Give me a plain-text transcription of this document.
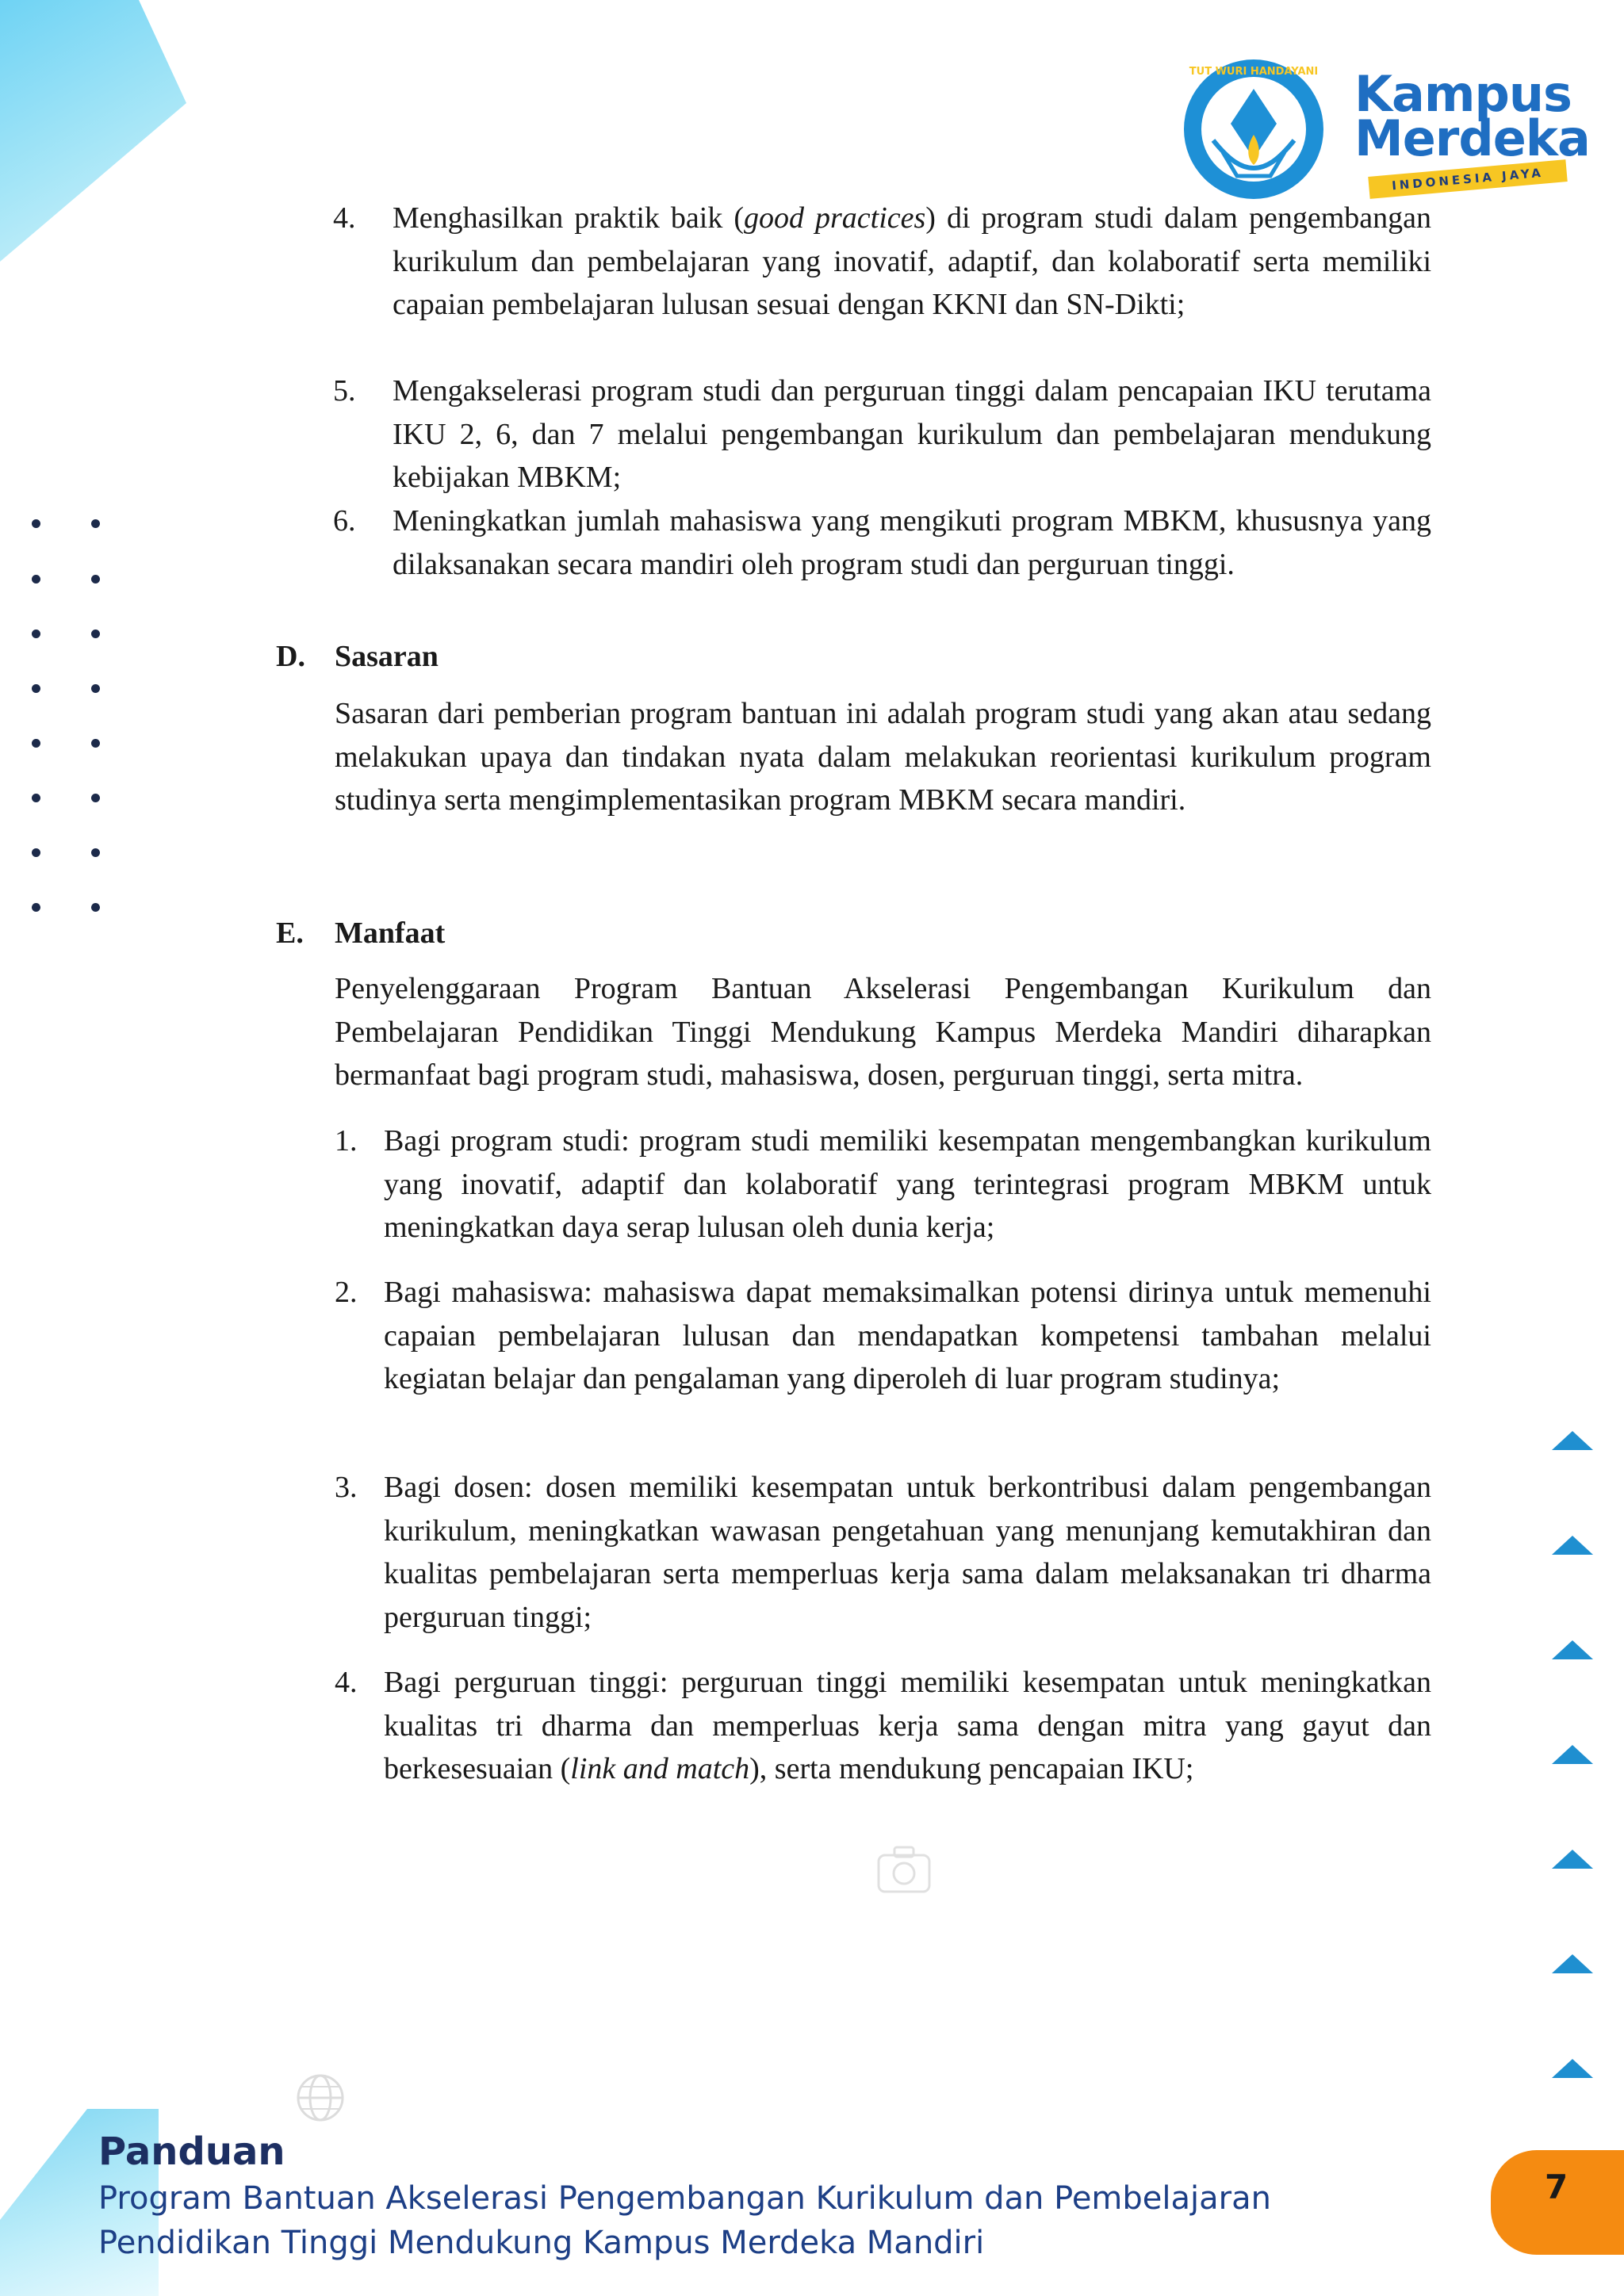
TUT WURI HANDAYANI Kampus
Merdeka
INDONESIA JAYA
4. Menghasilkan praktik baik (good practices) di program studi dalam pengembangan kurikulum dan pembelajaran yang inovatif, adaptif, dan kolaboratif serta memiliki capaian pembelajaran lulusan sesuai dengan KKNI dan SN-Dikti;
5. Mengakselerasi program studi dan perguruan tinggi dalam pencapaian IKU terutama IKU 2, 6, dan 7 melalui pengembangan kurikulum dan pembelajaran mendukung kebijakan MBKM;
6. Meningkatkan jumlah mahasiswa yang mengikuti program MBKM, khususnya yang dilaksanakan secara mandiri oleh program studi dan perguruan tinggi.
D. Sasaran
Sasaran dari pemberian program bantuan ini adalah program studi yang akan atau sedang melakukan upaya dan tindakan nyata dalam melakukan reorientasi kurikulum program studinya serta mengimplementasikan program MBKM secara mandiri.
E. Manfaat
Penyelenggaraan Program Bantuan Akselerasi Pengembangan Kurikulum dan Pembelajaran Pendidikan Tinggi Mendukung Kampus Merdeka Mandiri diharapkan bermanfaat bagi program studi, mahasiswa, dosen, perguruan tinggi, serta mitra.
1. Bagi program studi: program studi memiliki kesempatan mengembangkan kurikulum yang inovatif, adaptif dan kolaboratif yang terintegrasi program MBKM untuk meningkatkan daya serap lulusan oleh dunia kerja;
2. Bagi mahasiswa: mahasiswa dapat memaksimalkan potensi dirinya untuk memenuhi capaian pembelajaran lulusan dan mendapatkan kompetensi tambahan melalui kegiatan belajar dan pengalaman yang diperoleh di luar program studinya;
3. Bagi dosen: dosen memiliki kesempatan untuk berkontribusi dalam pengembangan kurikulum, meningkatkan wawasan pengetahuan yang menunjang kemutakhiran dan kualitas pembelajaran serta memperluas kerja sama dalam melaksanakan tri dharma perguruan tinggi;
4. Bagi perguruan tinggi: perguruan tinggi memiliki kesempatan untuk meningkatkan kualitas tri dharma dan memperluas kerja sama dengan mitra yang gayut dan berkesesuaian (link and match), serta mendukung pencapaian IKU;
Panduan
Program Bantuan Akselerasi Pengembangan Kurikulum dan Pembelajaran
Pendidikan Tinggi Mendukung Kampus Merdeka Mandiri
7
